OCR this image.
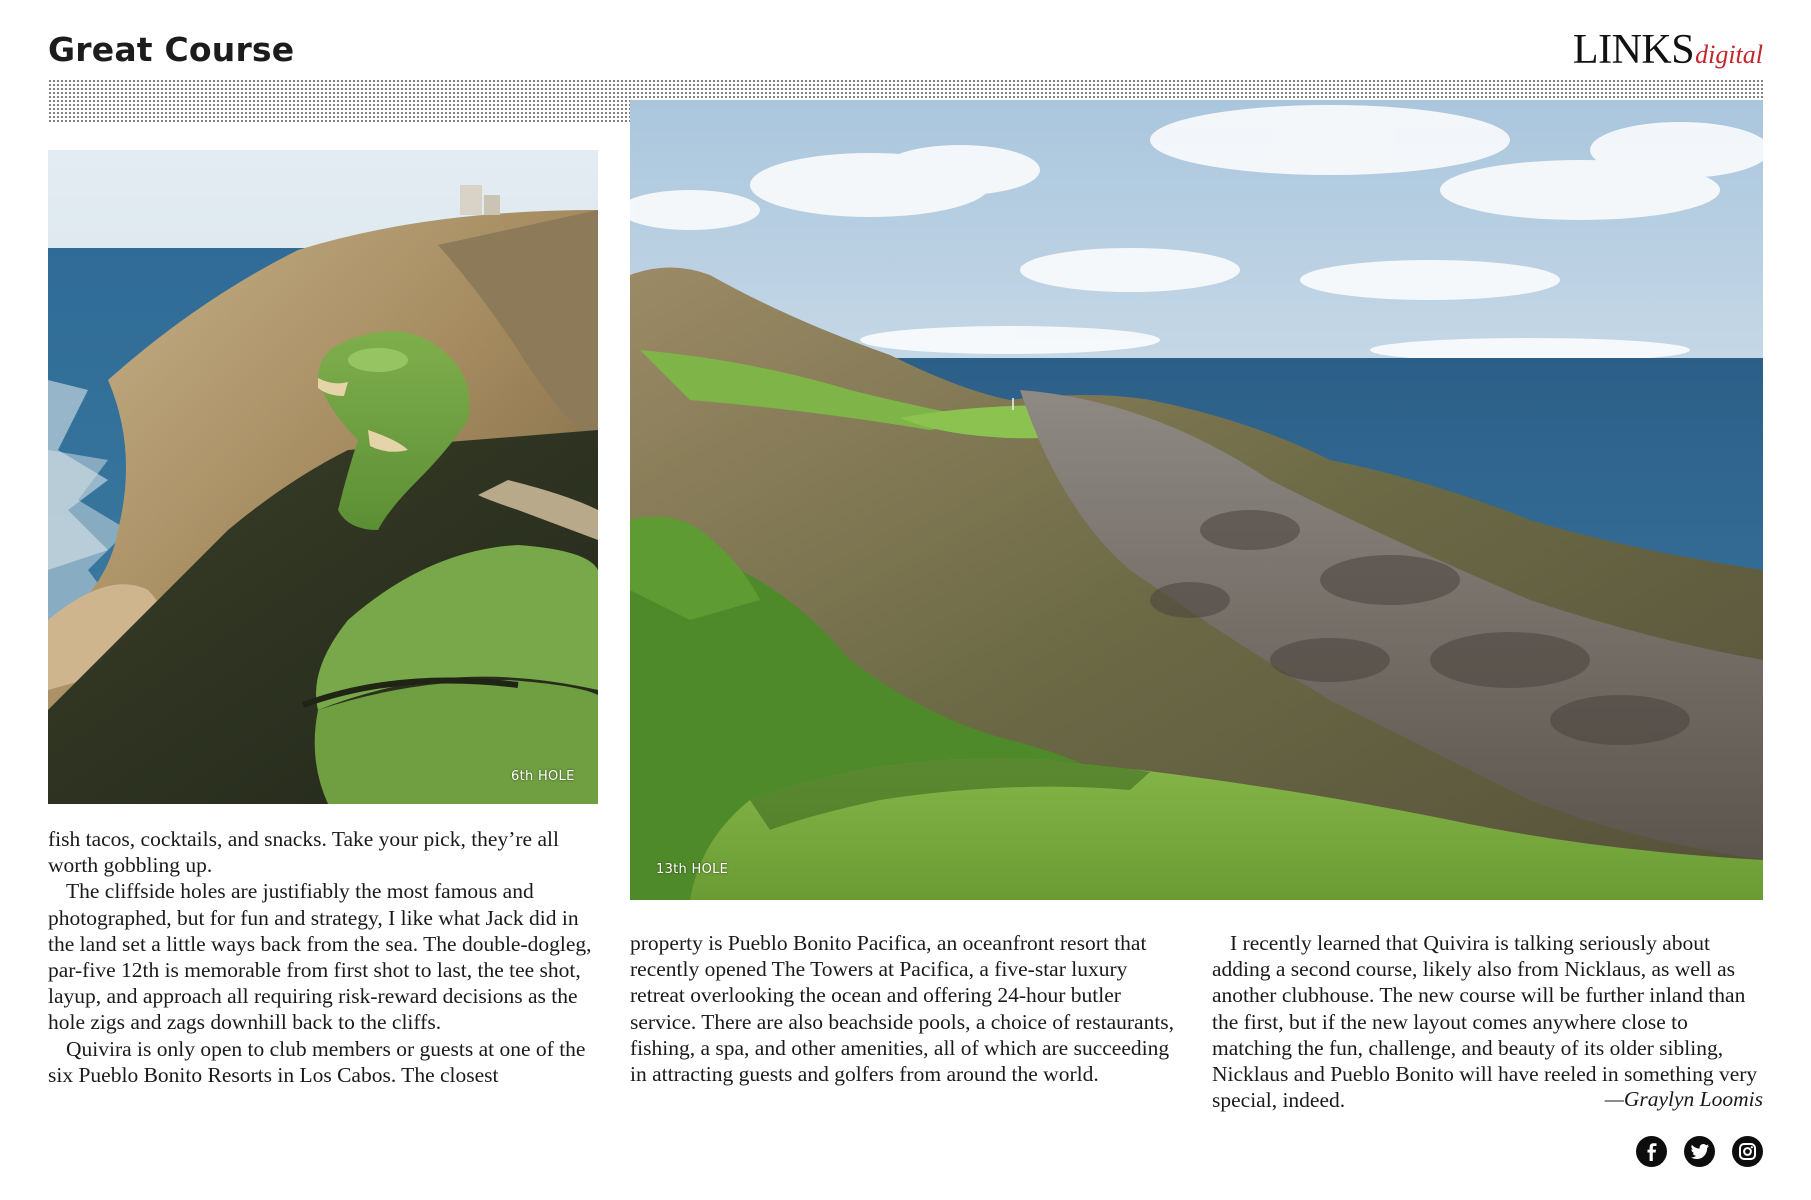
Great Course	LINKSdigital
6th HOLE
13th HOLE

fish tacos, cocktails, and snacks. Take your pick, they’re all worth gobbling up.

The cliffside holes are justifiably the most famous and photographed, but for fun and strategy, I like what Jack did in the land set a little ways back from the sea. The double-dogleg, par-five 12th is memorable from first shot to last, the tee shot, layup, and approach all requiring risk-reward decisions as the hole zigs and zags downhill back to the cliffs.

Quivira is only open to club members or guests at one of the six Pueblo Bonito Resorts in Los Cabos. The closest

property is Pueblo Bonito Pacifica, an oceanfront resort that recently opened The Towers at Pacifica, a five-star luxury retreat overlooking the ocean and offering 24-hour butler service. There are also beachside pools, a choice of restaurants, fishing, a spa, and other amenities, all of which are succeeding in attracting guests and golfers from around the world.

I recently learned that Quivira is talking seriously about adding a second course, likely also from Nicklaus, as well as another clubhouse. The new course will be further inland than the first, but if the new layout comes anywhere close to matching the fun, challenge, and beauty of its older sibling, Nicklaus and Pueblo Bonito will have reeled in something very special, indeed.	—Graylyn Loomis
